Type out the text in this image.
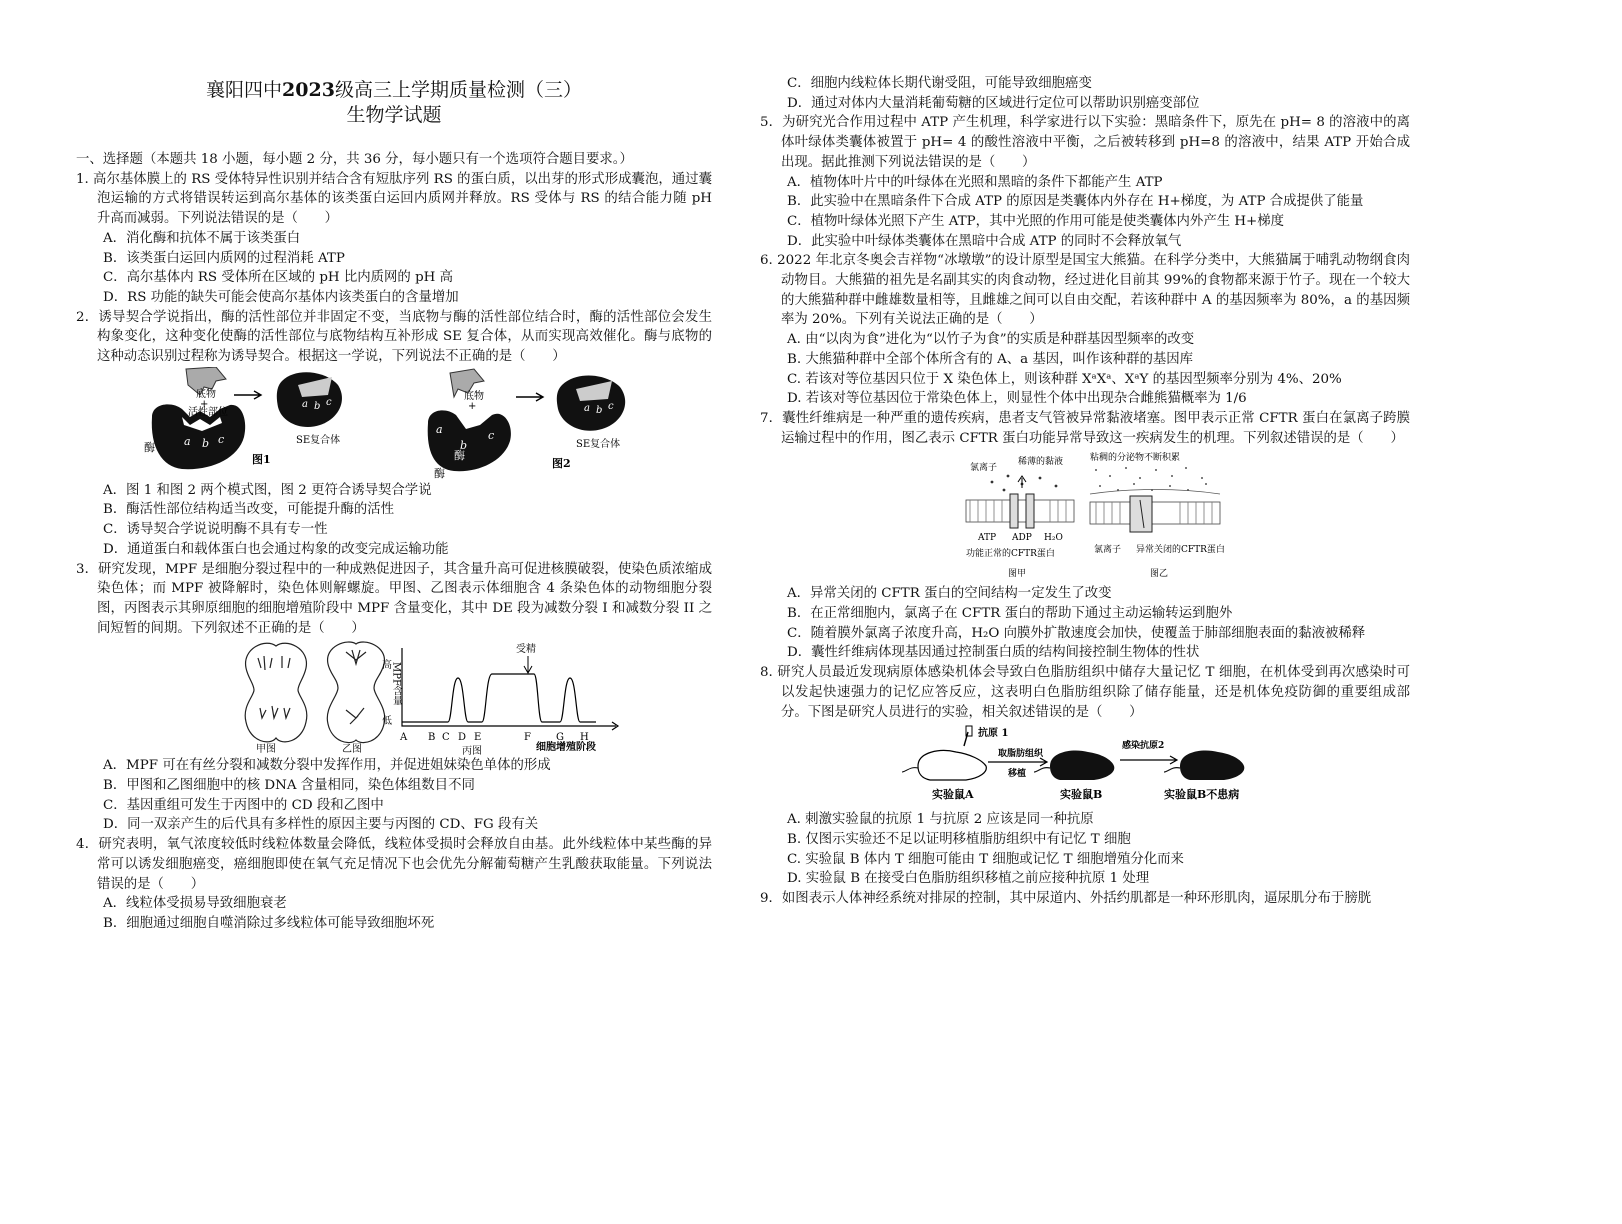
襄阳四中2023级高三上学期质量检测（三）
生物学试题

一、选择题（本题共 18 小题，每小题 2 分，共 36 分，每小题只有一个选项符合题目要求。）

1. 高尔基体膜上的 RS 受体特异性识别并结合含有短肽序列 RS 的蛋白质，以出芽的形式形成囊泡，通过囊泡运输的方式将错误转运到高尔基体的该类蛋白运回内质网并释放。RS 受体与 RS 的结合能力随 pH 升高而减弱。下列说法错误的是（　　）

A．消化酶和抗体不属于该类蛋白

B．该类蛋白运回内质网的过程消耗 ATP

C．高尔基体内 RS 受体所在区域的 pH 比内质网的 pH 高

D．RS 功能的缺失可能会使高尔基体内该类蛋白的含量增加

2．诱导契合学说指出，酶的活性部位并非固定不变，当底物与酶的活性部位结合时，酶的活性部位会发生构象变化，这种变化使酶的活性部位与底物结构互补形成 SE 复合体，从而实现高效催化。酶与底物的这种动态识别过程称为诱导契合。根据这一学说，下列说法不正确的是（　　）

底物
+
活性部位
a b c
酶
a b c
SE复合体
图1
底物
+
a
b
c
酶
酶
a b c
SE复合体
图2

A．图 1 和图 2 两个模式图，图 2 更符合诱导契合学说

B．酶活性部位结构适当改变，可能提升酶的活性

C．诱导契合学说说明酶不具有专一性

D．通道蛋白和载体蛋白也会通过构象的改变完成运输功能

3．研究发现，MPF 是细胞分裂过程中的一种成熟促进因子，其含量升高可促进核膜破裂，使染色质浓缩成染色体；而 MPF 被降解时，染色体则解螺旋。甲图、乙图表示体细胞含 4 条染色体的动物细胞分裂图，丙图表示其卵原细胞的细胞增殖阶段中 MPF 含量变化，其中 DE 段为减数分裂 I 和减数分裂 II 之间短暂的间期。下列叙述不正确的是（　　）

甲图	乙图
高
低
MPF含量
受精
A B C D E	F	G H
细胞增殖阶段
丙图

A．MPF 可在有丝分裂和减数分裂中发挥作用，并促进姐妹染色单体的形成

B．甲图和乙图细胞中的核 DNA 含量相同，染色体组数目不同

C．基因重组可发生于丙图中的 CD 段和乙图中

D．同一双亲产生的后代具有多样性的原因主要与丙图的 CD、FG 段有关

4．研究表明，氧气浓度较低时线粒体数量会降低，线粒体受损时会释放自由基。此外线粒体中某些酶的异常可以诱发细胞癌变，癌细胞即使在氧气充足情况下也会优先分解葡萄糖产生乳酸获取能量。下列说法错误的是（　　）

A．线粒体受损易导致细胞衰老

B．细胞通过细胞自噬消除过多线粒体可能导致细胞坏死

C．细胞内线粒体长期代谢受阻，可能导致细胞癌变

D．通过对体内大量消耗葡萄糖的区域进行定位可以帮助识别癌变部位

5．为研究光合作用过程中 ATP 产生机理，科学家进行以下实验：黑暗条件下，原先在 pH= 8 的溶液中的离体叶绿体类囊体被置于 pH= 4 的酸性溶液中平衡，之后被转移到 pH=8 的溶液中，结果 ATP 开始合成出现。据此推测下列说法错误的是（　　）

A．植物体叶片中的叶绿体在光照和黑暗的条件下都能产生 ATP

B．此实验中在黑暗条件下合成 ATP 的原因是类囊体内外存在 H+梯度，为 ATP 合成提供了能量

C．植物叶绿体光照下产生 ATP，其中光照的作用可能是使类囊体内外产生 H+梯度

D．此实验中叶绿体类囊体在黑暗中合成 ATP 的同时不会释放氧气

6. 2022 年北京冬奥会吉祥物“冰墩墩”的设计原型是国宝大熊猫。在科学分类中，大熊猫属于哺乳动物纲食肉动物目。大熊猫的祖先是名副其实的肉食动物，经过进化目前其 99%的食物都来源于竹子。现在一个较大的大熊猫种群中雌雄数量相等，且雌雄之间可以自由交配，若该种群中 A 的基因频率为 80%，a 的基因频率为 20%。下列有关说法正确的是（　　）

A. 由“以肉为食”进化为“以竹子为食”的实质是种群基因型频率的改变

B. 大熊猫种群中全部个体所含有的 A、a 基因，叫作该种群的基因库

C. 若该对等位基因只位于 X 染色体上，则该种群 XᵃXᵃ、XᵃY 的基因型频率分别为 4%、20%

D. 若该对等位基因位于常染色体上，则显性个体中出现杂合雌熊猫概率为 1/6

7．囊性纤维病是一种严重的遗传疾病，患者支气管被异常黏液堵塞。图甲表示正常 CFTR 蛋白在氯离子跨膜运输过程中的作用，图乙表示 CFTR 蛋白功能异常导致这一疾病发生的机理。下列叙述错误的是（　　）

氯离子
稀薄的黏液
ATP ADP H₂O
功能正常的CFTR蛋白
图甲
粘稠的分泌物不断积累
氯离子 异常关闭的CFTR蛋白
图乙

A．异常关闭的 CFTR 蛋白的空间结构一定发生了改变

B．在正常细胞内，氯离子在 CFTR 蛋白的帮助下通过主动运输转运到胞外

C．随着膜外氯离子浓度升高，H₂O 向膜外扩散速度会加快，使覆盖于肺部细胞表面的黏液被稀释

D．囊性纤维病体现基因通过控制蛋白质的结构间接控制生物体的性状

8. 研究人员最近发现病原体感染机体会导致白色脂肪组织中储存大量记忆 T 细胞，在机体受到再次感染时可以发起快速强力的记忆应答反应，这表明白色脂肪组织除了储存能量，还是机体免疫防御的重要组成部分。下图是研究人员进行的实验，相关叙述错误的是（　　）

抗原 1
实验鼠A
取脂肪组织
移植
实验鼠B
感染抗原2
实验鼠B不患病

A. 刺激实验鼠的抗原 1 与抗原 2 应该是同一种抗原

B. 仅图示实验还不足以证明移植脂肪组织中有记忆 T 细胞

C. 实验鼠 B 体内 T 细胞可能由 T 细胞或记忆 T 细胞增殖分化而来

D. 实验鼠 B 在接受白色脂肪组织移植之前应接种抗原 1 处理

9．如图表示人体神经系统对排尿的控制，其中尿道内、外括约肌都是一种环形肌肉，逼尿肌分布于膀胱
